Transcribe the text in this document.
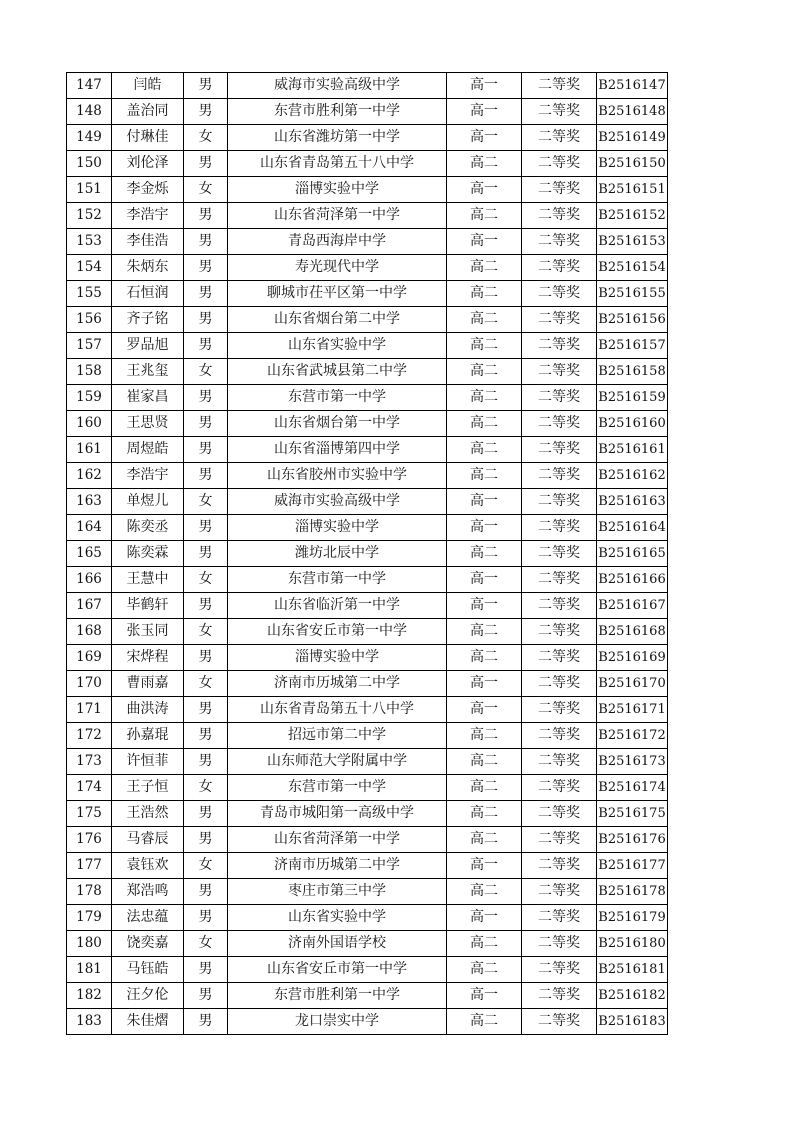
147	闫皓	男	威海市实验高级中学	高一	二等奖	B2516147
148	盖治同	男	东营市胜利第一中学	高一	二等奖	B2516148
149	付琳佳	女	山东省潍坊第一中学	高一	二等奖	B2516149
150	刘伦泽	男	山东省青岛第五十八中学	高二	二等奖	B2516150
151	李金烁	女	淄博实验中学	高一	二等奖	B2516151
152	李浩宇	男	山东省菏泽第一中学	高二	二等奖	B2516152
153	李佳浩	男	青岛西海岸中学	高一	二等奖	B2516153
154	朱炳东	男	寿光现代中学	高二	二等奖	B2516154
155	石恒润	男	聊城市茌平区第一中学	高二	二等奖	B2516155
156	齐子铭	男	山东省烟台第二中学	高二	二等奖	B2516156
157	罗品旭	男	山东省实验中学	高二	二等奖	B2516157
158	王兆玺	女	山东省武城县第二中学	高二	二等奖	B2516158
159	崔家昌	男	东营市第一中学	高二	二等奖	B2516159
160	王思贤	男	山东省烟台第一中学	高二	二等奖	B2516160
161	周煜皓	男	山东省淄博第四中学	高二	二等奖	B2516161
162	李浩宇	男	山东省胶州市实验中学	高二	二等奖	B2516162
163	单煜儿	女	威海市实验高级中学	高一	二等奖	B2516163
164	陈奕丞	男	淄博实验中学	高一	二等奖	B2516164
165	陈奕霖	男	潍坊北辰中学	高二	二等奖	B2516165
166	王慧中	女	东营市第一中学	高一	二等奖	B2516166
167	毕鹤轩	男	山东省临沂第一中学	高一	二等奖	B2516167
168	张玉同	女	山东省安丘市第一中学	高二	二等奖	B2516168
169	宋烨程	男	淄博实验中学	高二	二等奖	B2516169
170	曹雨嘉	女	济南市历城第二中学	高一	二等奖	B2516170
171	曲洪涛	男	山东省青岛第五十八中学	高一	二等奖	B2516171
172	孙嘉琨	男	招远市第二中学	高二	二等奖	B2516172
173	许恒菲	男	山东师范大学附属中学	高二	二等奖	B2516173
174	王子恒	女	东营市第一中学	高二	二等奖	B2516174
175	王浩然	男	青岛市城阳第一高级中学	高二	二等奖	B2516175
176	马睿辰	男	山东省菏泽第一中学	高二	二等奖	B2516176
177	袁钰欢	女	济南市历城第二中学	高一	二等奖	B2516177
178	郑浩鸣	男	枣庄市第三中学	高二	二等奖	B2516178
179	法忠蕴	男	山东省实验中学	高一	二等奖	B2516179
180	饶奕嘉	女	济南外国语学校	高二	二等奖	B2516180
181	马钰皓	男	山东省安丘市第一中学	高二	二等奖	B2516181
182	汪夕伦	男	东营市胜利第一中学	高一	二等奖	B2516182
183	朱佳熠	男	龙口崇实中学	高二	二等奖	B2516183
